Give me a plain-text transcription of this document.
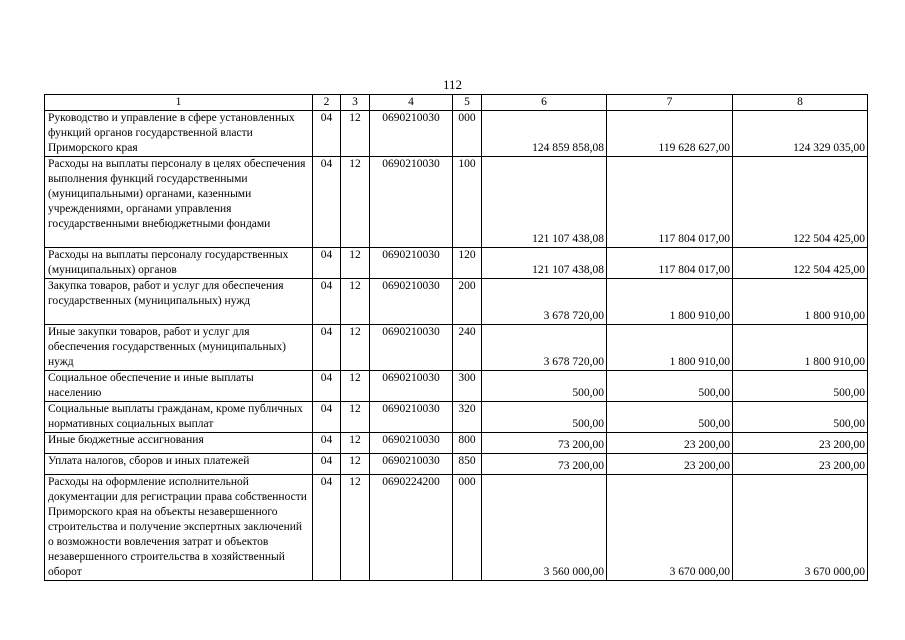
112
1	2	3	4	5	6	7	8
Руководство и управление в сфере установленных функций органов государственной власти Приморского края	04	12	0690210030	000	124 859 858,08	119 628 627,00	124 329 035,00
Расходы на выплаты персоналу в целях обеспечения выполнения функций государственными (муниципальными) органами, казенными учреждениями, органами управления государственными внебюджетными фондами	04	12	0690210030	100	121 107 438,08	117 804 017,00	122 504 425,00
Расходы на выплаты персоналу государственных (муниципальных) органов	04	12	0690210030	120	121 107 438,08	117 804 017,00	122 504 425,00
Закупка товаров, работ и услуг для обеспечения государственных (муниципальных) нужд	04	12	0690210030	200	3 678 720,00	1 800 910,00	1 800 910,00
Иные закупки товаров, работ и услуг для обеспечения государственных (муниципальных) нужд	04	12	0690210030	240	3 678 720,00	1 800 910,00	1 800 910,00
Социальное обеспечение и иные выплаты населению	04	12	0690210030	300	500,00	500,00	500,00
Социальные выплаты гражданам, кроме публичных нормативных социальных выплат	04	12	0690210030	320	500,00	500,00	500,00
Иные бюджетные ассигнования	04	12	0690210030	800	73 200,00	23 200,00	23 200,00
Уплата налогов, сборов и иных платежей	04	12	0690210030	850	73 200,00	23 200,00	23 200,00
Расходы на оформление исполнительной документации для регистрации права собственности Приморского края на объекты незавершенного строительства и получение экспертных заключений о возможности вовлечения затрат и объектов незавершенного строительства в хозяйственный оборот	04	12	0690224200	000	3 560 000,00	3 670 000,00	3 670 000,00
